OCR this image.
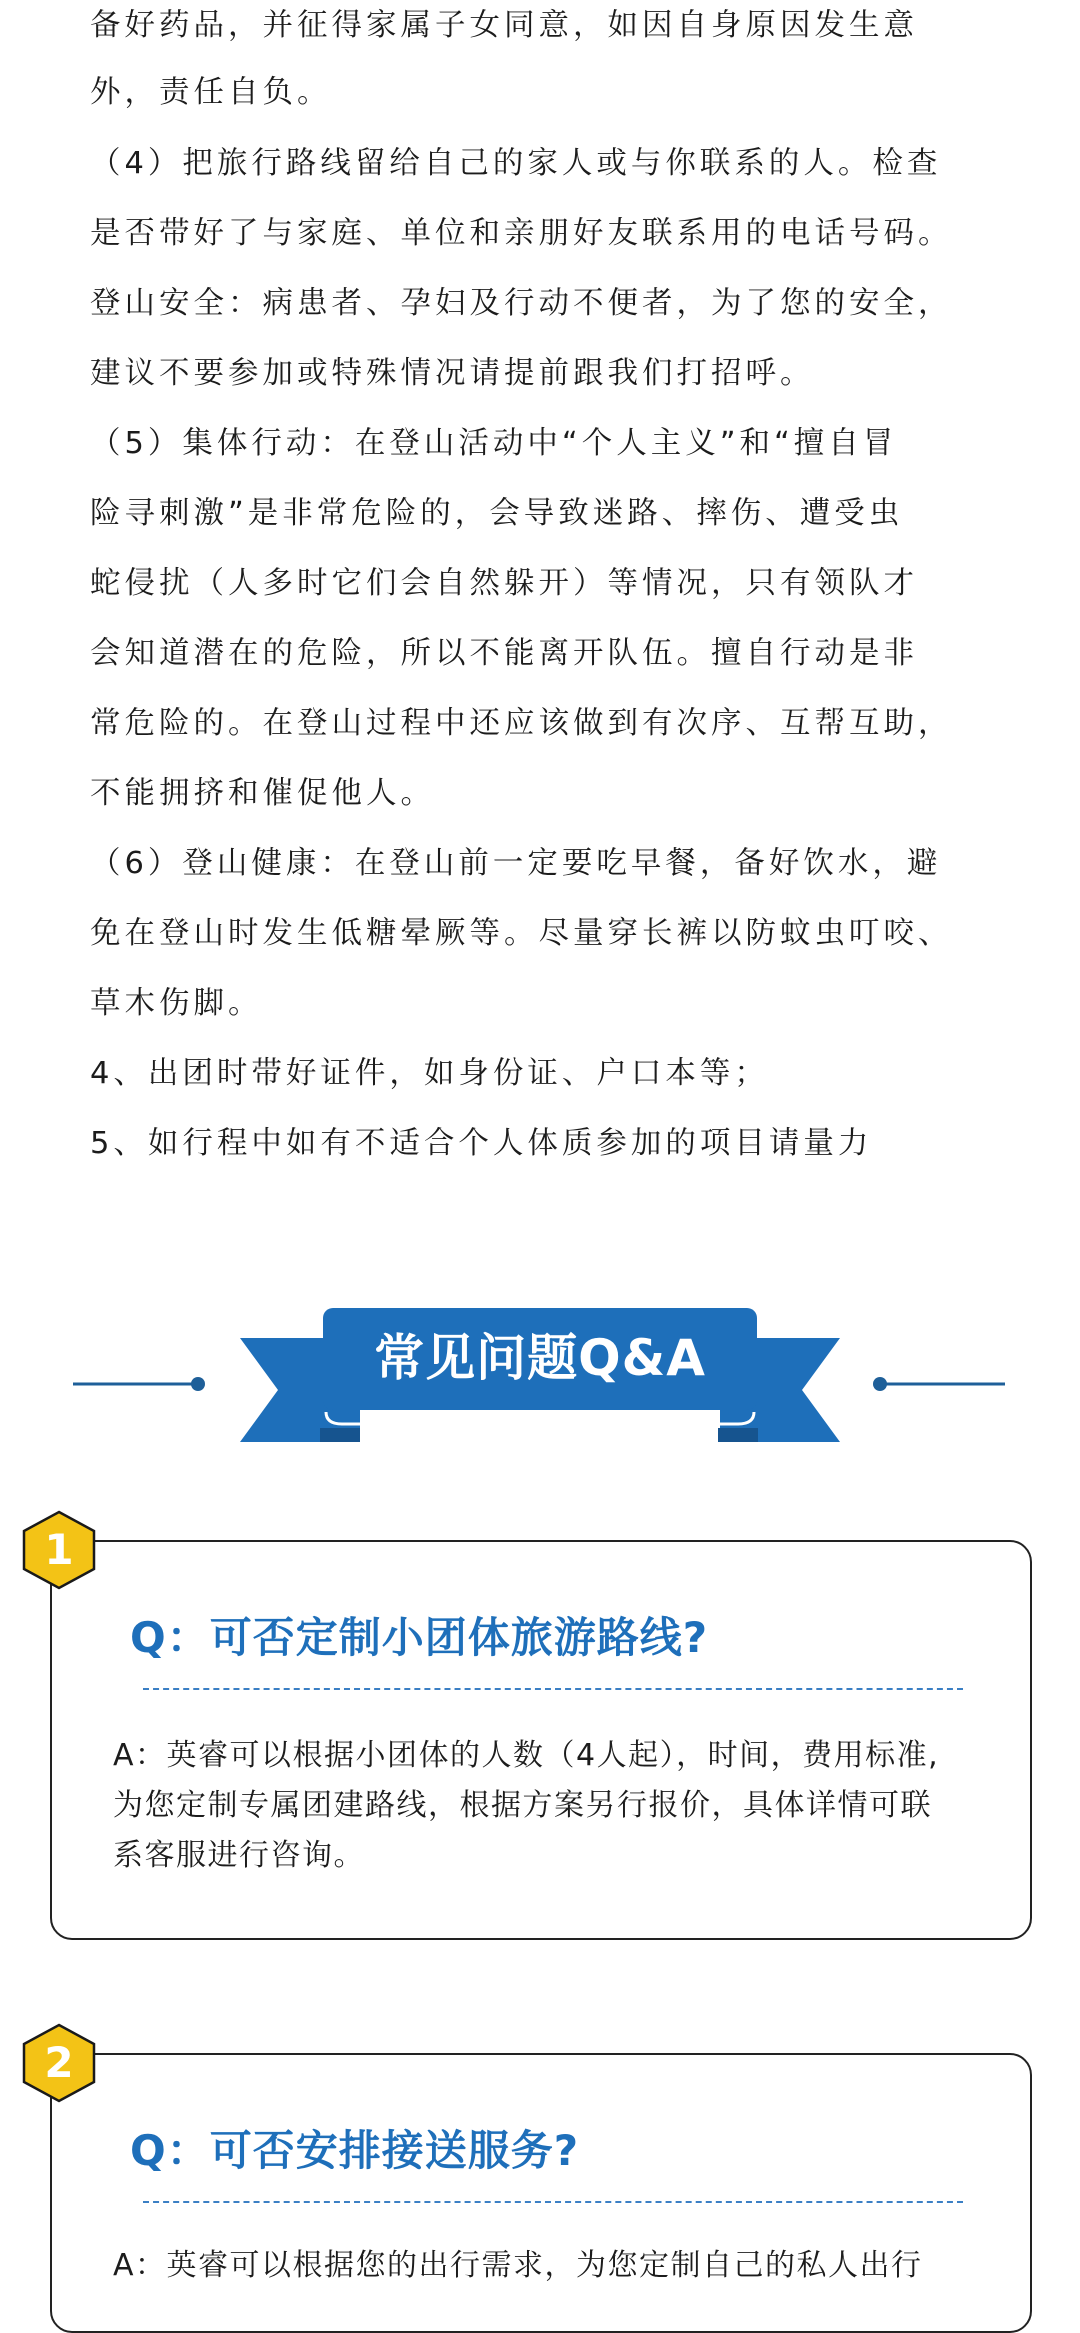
备好药品，并征得家属子女同意，如因自身原因发生意
外，责任自负。
（4）把旅行路线留给自己的家人或与你联系的人。检查
是否带好了与家庭、单位和亲朋好友联系用的电话号码。
登山安全：病患者、孕妇及行动不便者，为了您的安全，
建议不要参加或特殊情况请提前跟我们打招呼。
（5）集体行动：在登山活动中“个人主义”和“擅自冒
险寻刺激”是非常危险的，会导致迷路、摔伤、遭受虫
蛇侵扰（人多时它们会自然躲开）等情况，只有领队才
会知道潜在的危险，所以不能离开队伍。擅自行动是非
常危险的。在登山过程中还应该做到有次序、互帮互助，
不能拥挤和催促他人。
（6）登山健康：在登山前一定要吃早餐，备好饮水，避
免在登山时发生低糖晕厥等。尽量穿长裤以防蚊虫叮咬、
草木伤脚。
4、出团时带好证件，如身份证、户口本等；
5、如行程中如有不适合个人体质参加的项目请量力
常见问题Q&A
1
Q：可否定制小团体旅游路线?
A：英睿可以根据小团体的人数（4人起），时间，费用标准,
为您定制专属团建路线，根据方案另行报价，具体详情可联
系客服进行咨询。
2
Q：可否安排接送服务?
A：英睿可以根据您的出行需求，为您定制自己的私人出行
